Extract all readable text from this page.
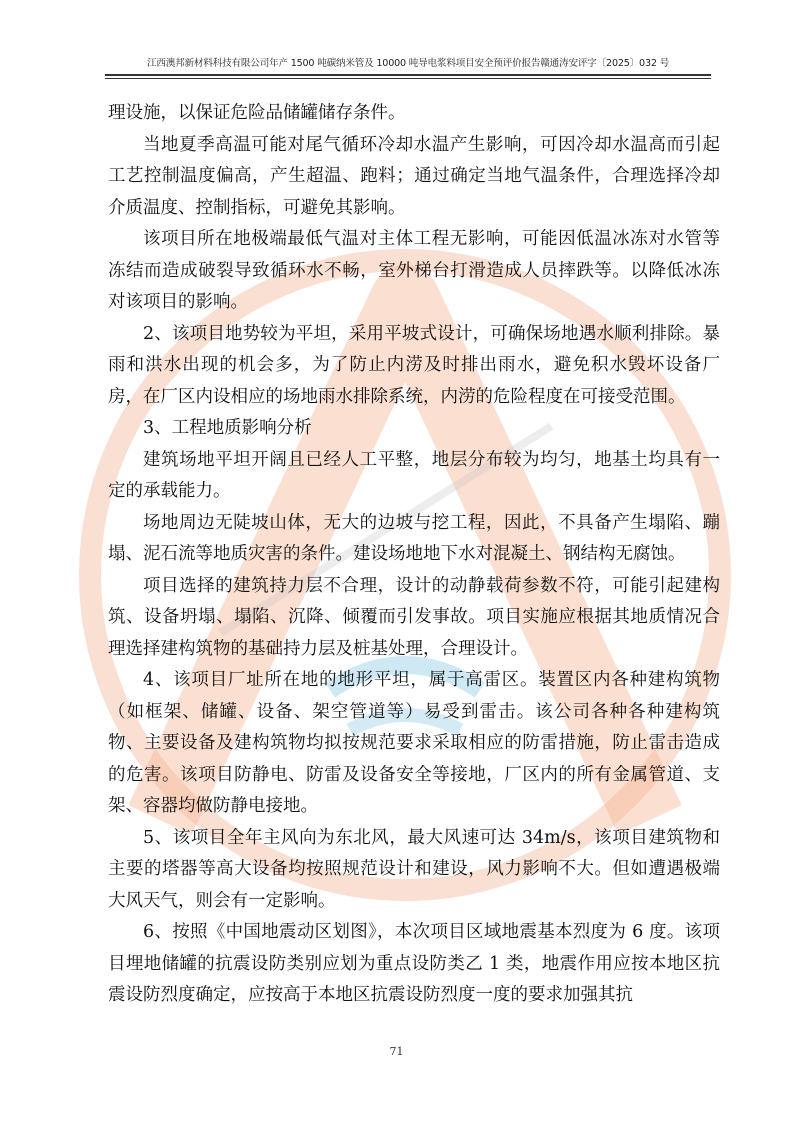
江西澳邦新材料科技有限公司年产 1500 吨碳纳米管及 10000 吨导电浆料项目安全预评价报告赣通涛安评字〔2025〕032 号

理设施，以保证危险品储罐储存条件。

当地夏季高温可能对尾气循环冷却水温产生影响，可因冷却水温高而引起工艺控制温度偏高，产生超温、跑料；通过确定当地气温条件，合理选择冷却介质温度、控制指标，可避免其影响。

该项目所在地极端最低气温对主体工程无影响，可能因低温冰冻对水管等冻结而造成破裂导致循环水不畅，室外梯台打滑造成人员摔跌等。以降低冰冻对该项目的影响。

2、该项目地势较为平坦，采用平坡式设计，可确保场地遇水顺利排除。暴雨和洪水出现的机会多，为了防止内涝及时排出雨水，避免积水毁坏设备厂房，在厂区内设相应的场地雨水排除系统，内涝的危险程度在可接受范围。

3、工程地质影响分析

建筑场地平坦开阔且已经人工平整，地层分布较为均匀，地基土均具有一定的承载能力。

场地周边无陡坡山体，无大的边坡与挖工程，因此，不具备产生塌陷、蹦塌、泥石流等地质灾害的条件。建设场地地下水对混凝土、钢结构无腐蚀。

项目选择的建筑持力层不合理，设计的动静载荷参数不符，可能引起建构筑、设备坍塌、塌陷、沉降、倾覆而引发事故。项目实施应根据其地质情况合理选择建构筑物的基础持力层及桩基处理，合理设计。

4、该项目厂址所在地的地形平坦，属于高雷区。装置区内各种建构筑物（如框架、储罐、设备、架空管道等）易受到雷击。该公司各种各种建构筑物、主要设备及建构筑物均拟按规范要求采取相应的防雷措施，防止雷击造成的危害。该项目防静电、防雷及设备安全等接地，厂区内的所有金属管道、支架、容器均做防静电接地。

5、该项目全年主风向为东北风，最大风速可达 34m/s，该项目建筑物和主要的塔器等高大设备均按照规范设计和建设，风力影响不大。但如遭遇极端大风天气，则会有一定影响。

6、按照《中国地震动区划图》，本次项目区域地震基本烈度为 6 度。该项目埋地储罐的抗震设防类别应划为重点设防类乙 1 类，地震作用应按本地区抗震设防烈度确定，应按高于本地区抗震设防烈度一度的要求加强其抗

71
